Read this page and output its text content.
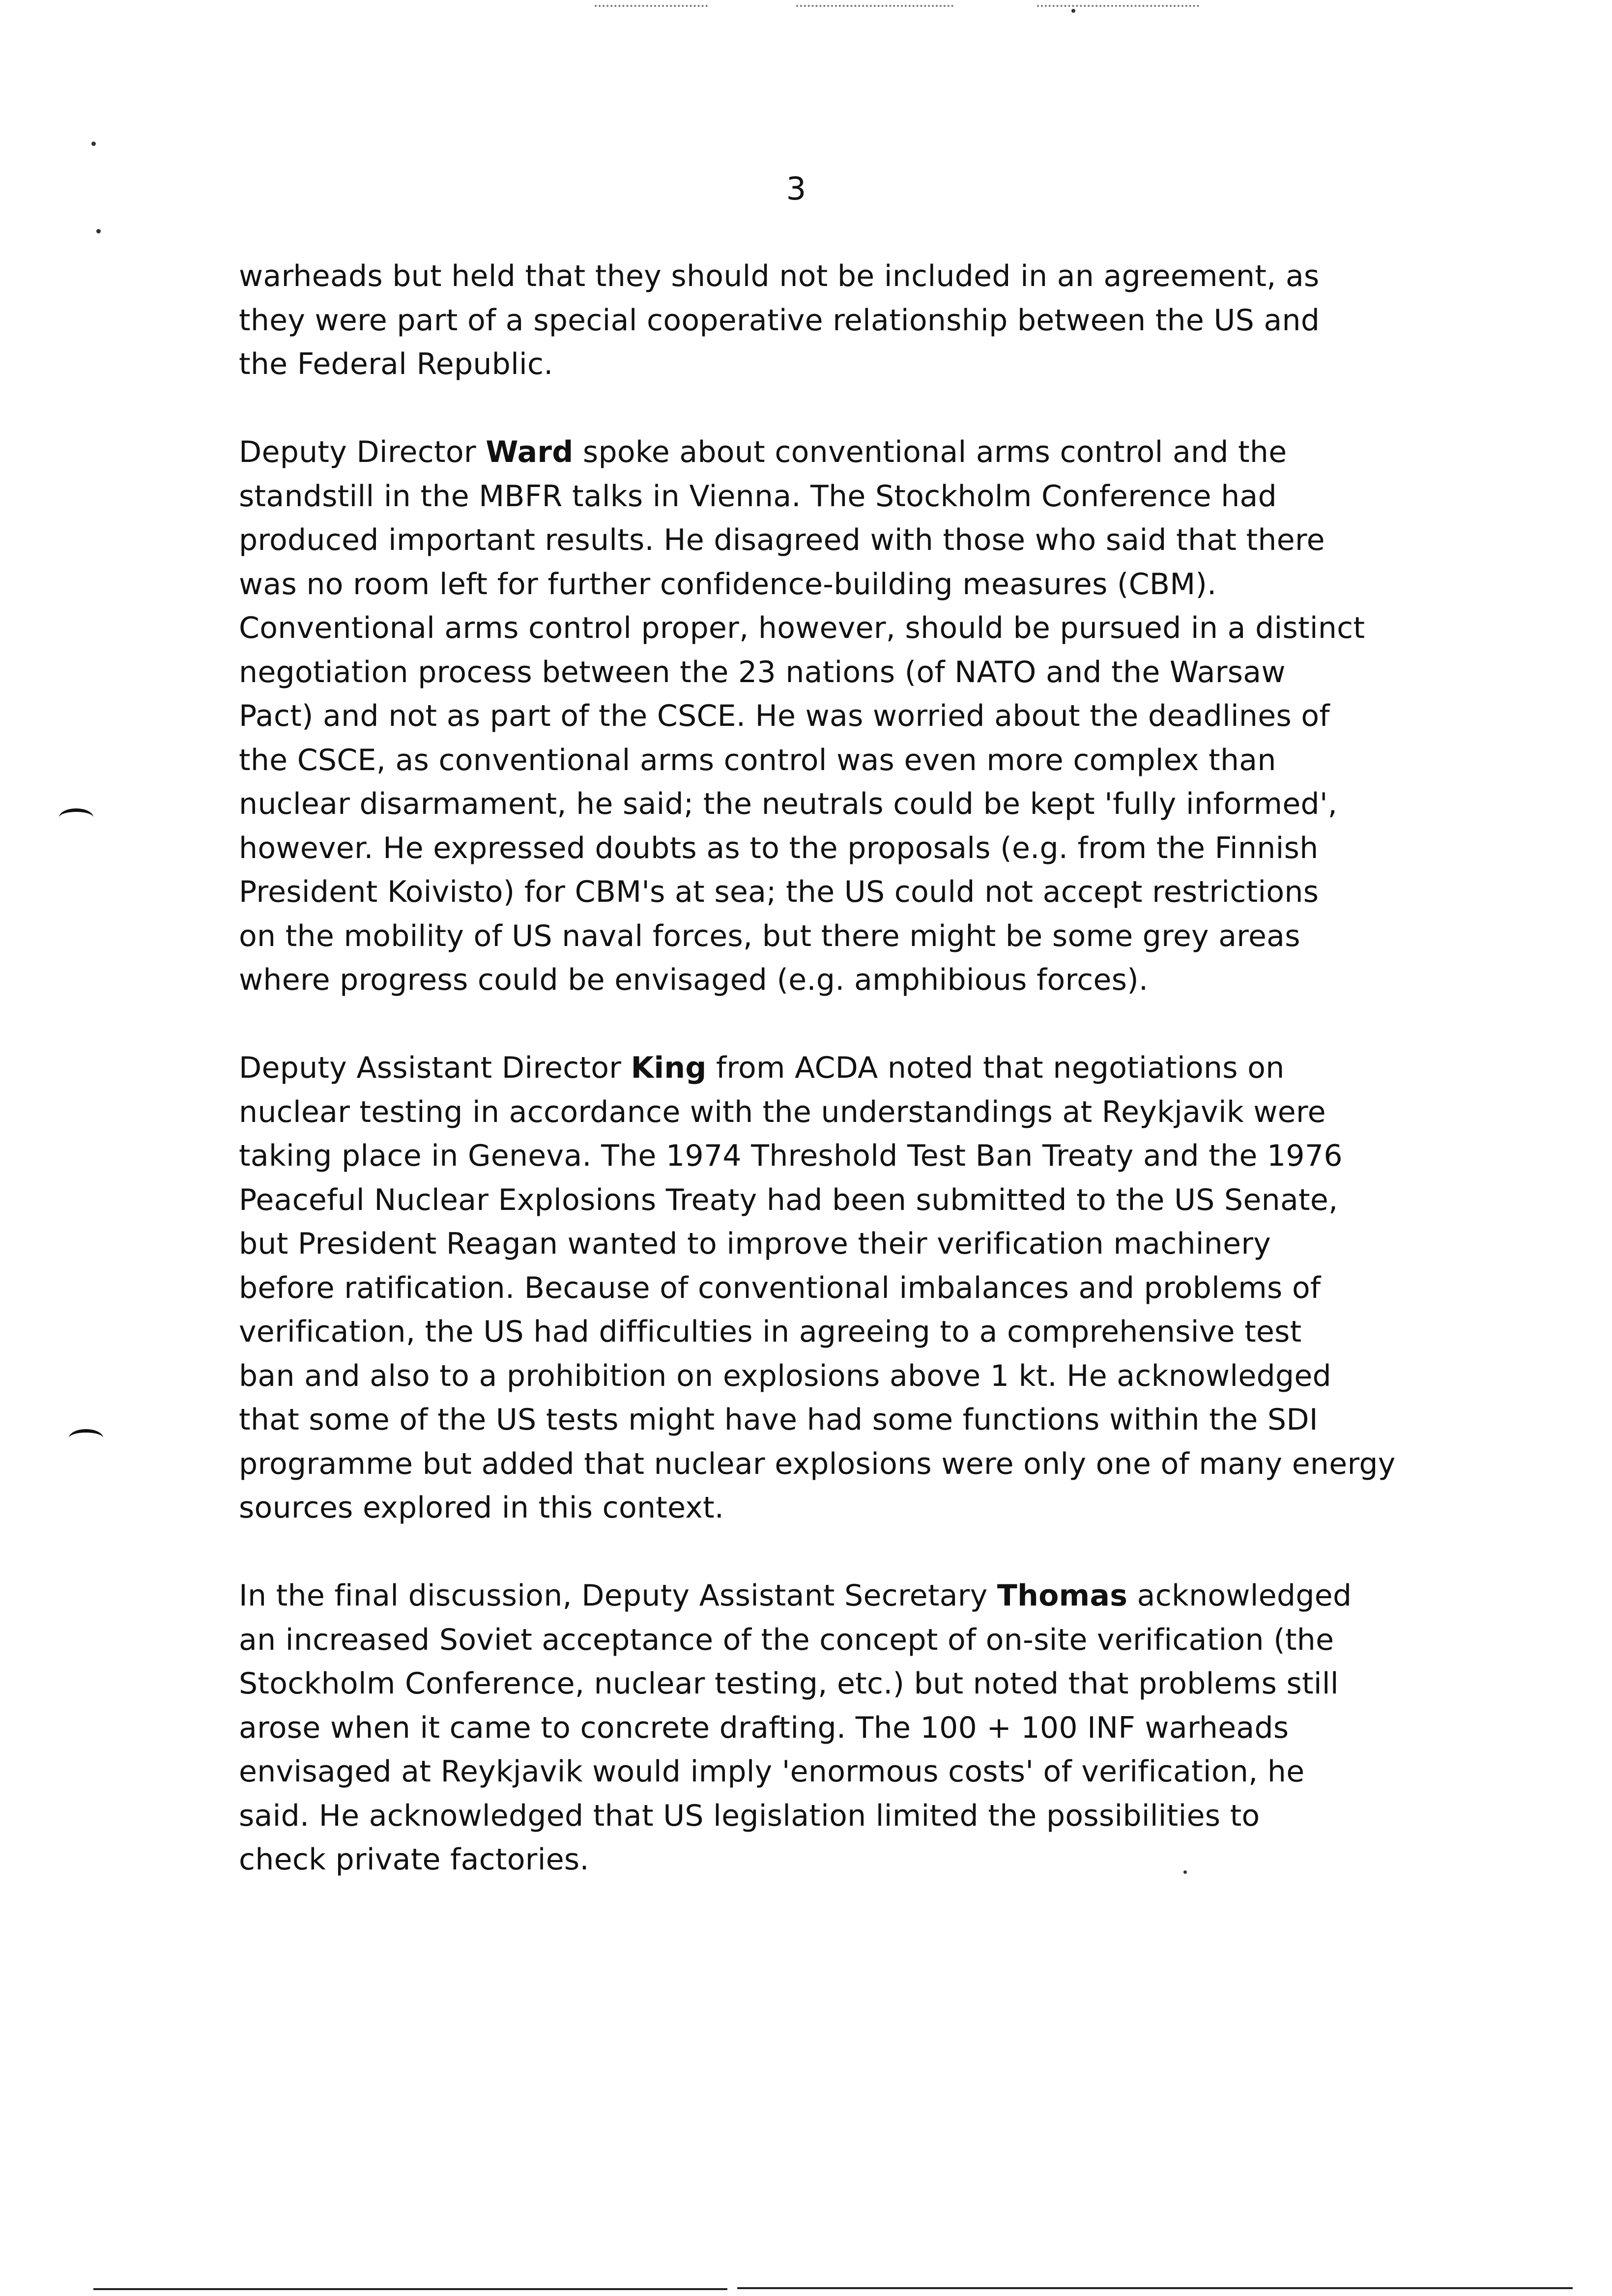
3

warheads but held that they should not be included in an agreement, as
they were part of a special cooperative relationship between the US and
the Federal Republic.

Deputy Director Ward spoke about conventional arms control and the
standstill in the MBFR talks in Vienna. The Stockholm Conference had
produced important results. He disagreed with those who said that there
was no room left for further confidence-building measures (CBM).
Conventional arms control proper, however, should be pursued in a distinct
negotiation process between the 23 nations (of NATO and the Warsaw
Pact) and not as part of the CSCE. He was worried about the deadlines of
the CSCE, as conventional arms control was even more complex than
nuclear disarmament, he said; the neutrals could be kept 'fully informed',
however. He expressed doubts as to the proposals (e.g. from the Finnish
President Koivisto) for CBM's at sea; the US could not accept restrictions
on the mobility of US naval forces, but there might be some grey areas
where progress could be envisaged (e.g. amphibious forces).

Deputy Assistant Director King from ACDA noted that negotiations on
nuclear testing in accordance with the understandings at Reykjavik were
taking place in Geneva. The 1974 Threshold Test Ban Treaty and the 1976
Peaceful Nuclear Explosions Treaty had been submitted to the US Senate,
but President Reagan wanted to improve their verification machinery
before ratification. Because of conventional imbalances and problems of
verification, the US had difficulties in agreeing to a comprehensive test
ban and also to a prohibition on explosions above 1 kt. He acknowledged
that some of the US tests might have had some functions within the SDI
programme but added that nuclear explosions were only one of many energy
sources explored in this context.

In the final discussion, Deputy Assistant Secretary Thomas acknowledged
an increased Soviet acceptance of the concept of on-site verification (the
Stockholm Conference, nuclear testing, etc.) but noted that problems still
arose when it came to concrete drafting. The 100 + 100 INF warheads
envisaged at Reykjavik would imply 'enormous costs' of verification, he
said. He acknowledged that US legislation limited the possibilities to
check private factories.
